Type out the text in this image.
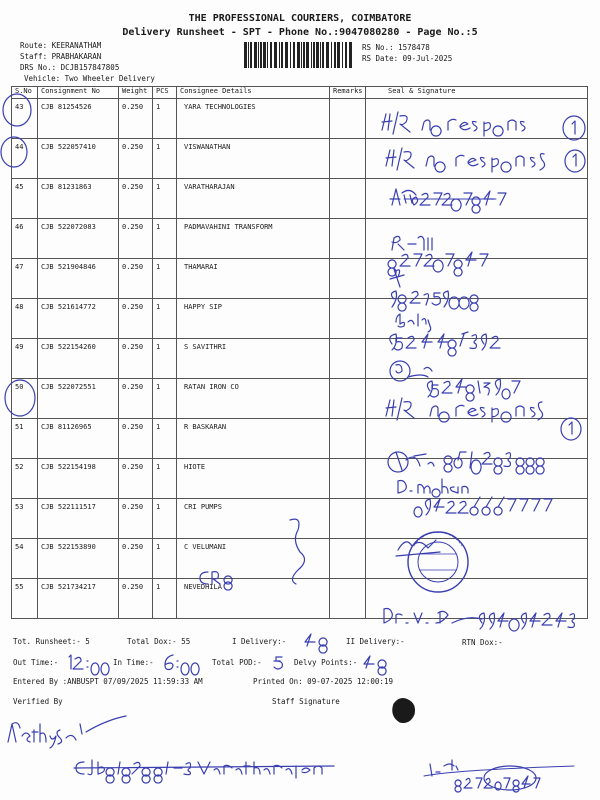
THE PROFESSIONAL COURIERS, COIMBATORE
Delivery Runsheet - SPT - Phone No.:9047080280 - Page No.:5
Route: KEERANATHAM
Staff: PRABHAKARAN
DRS No.: DCJB157847805
Vehicle: Two Wheeler Delivery
RS No.: 1578478
RS Date: 09-Jul-2025
S.No	Consignment No	Weight	PCS	Consignee Details	Remarks	Seal & Signature
43	CJB 81254526	0.250	1	YARA TECHNOLOGIES		
44	CJB 522057410	0.250	1	VISWANATHAN		
45	CJB 81231863	0.250	1	VARATHARAJAN		
46	CJB 522072083	0.250	1	PADMAVAHINI TRANSFORM		
47	CJB 521904846	0.250	1	THAMARAI		
48	CJB 521614772	0.250	1	HAPPY SIP		
49	CJB 522154260	0.250	1	S SAVITHRI		
50	CJB 522072551	0.250	1	RATAN IRON CO		
51	CJB 81126965	0.250	1	R BASKARAN		
52	CJB 522154198	0.250	1	HIOTE		
53	CJB 522111517	0.250	1	CRI PUMPS		
54	CJB 522153890	0.250	1	C VELUMANI		
55	CJB 521734217	0.250	1	NEVEDHILA		
Tot. Runsheet:- 5	Total Dox:- 55	I Delivery:-	II Delivery:-	RTN Dox:-
Out Time:-	In Time:-	Total POD:-	Delvy Points:-
Entered By :ANBUSPT 07/09/2025 11:59:33 AM	Printed On: 09-07-2025 12:00:19
Verified By	Staff Signature
